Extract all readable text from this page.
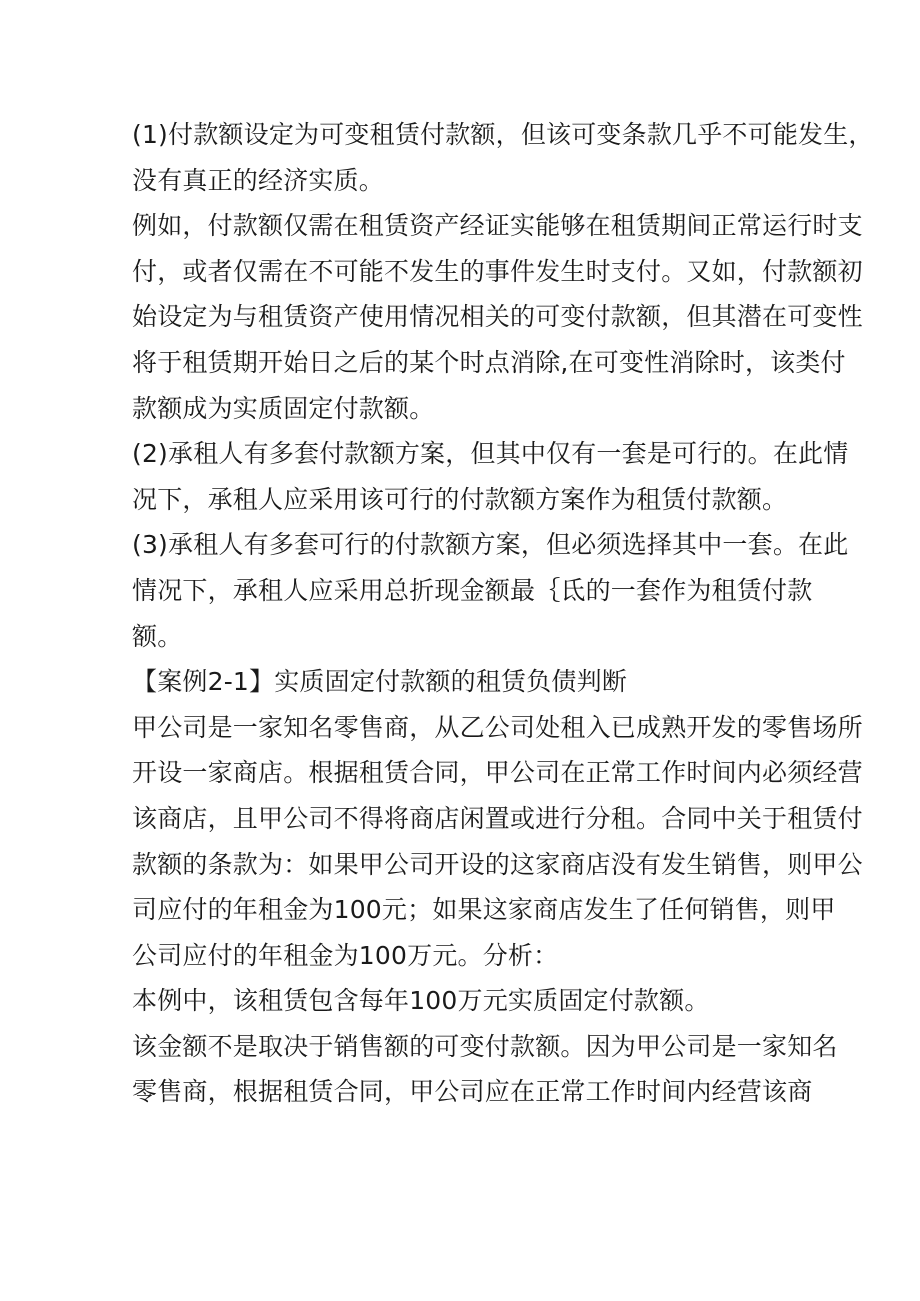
(1)付款额设定为可变租赁付款额，但该可变条款几乎不可能发生，
没有真正的经济实质。
例如，付款额仅需在租赁资产经证实能够在租赁期间正常运行时支
付，或者仅需在不可能不发生的事件发生时支付。又如，付款额初
始设定为与租赁资产使用情况相关的可变付款额，但其潜在可变性
将于租赁期开始日之后的某个时点消除,在可变性消除时，该类付
款额成为实质固定付款额。
(2)承租人有多套付款额方案，但其中仅有一套是可行的。在此情
况下，承租人应采用该可行的付款额方案作为租赁付款额。
(3)承租人有多套可行的付款额方案，但必须选择其中一套。在此
情况下，承租人应采用总折现金额最｛氐的一套作为租赁付款
额。
【案例2-1】实质固定付款额的租赁负债判断
甲公司是一家知名零售商，从乙公司处租入已成熟开发的零售场所
开设一家商店。根据租赁合同，甲公司在正常工作时间内必须经营
该商店，且甲公司不得将商店闲置或进行分租。合同中关于租赁付
款额的条款为：如果甲公司开设的这家商店没有发生销售，则甲公
司应付的年租金为100元；如果这家商店发生了任何销售，则甲
公司应付的年租金为100万元。分析：
本例中，该租赁包含每年100万元实质固定付款额。
该金额不是取决于销售额的可变付款额。因为甲公司是一家知名
零售商，根据租赁合同，甲公司应在正常工作时间内经营该商
